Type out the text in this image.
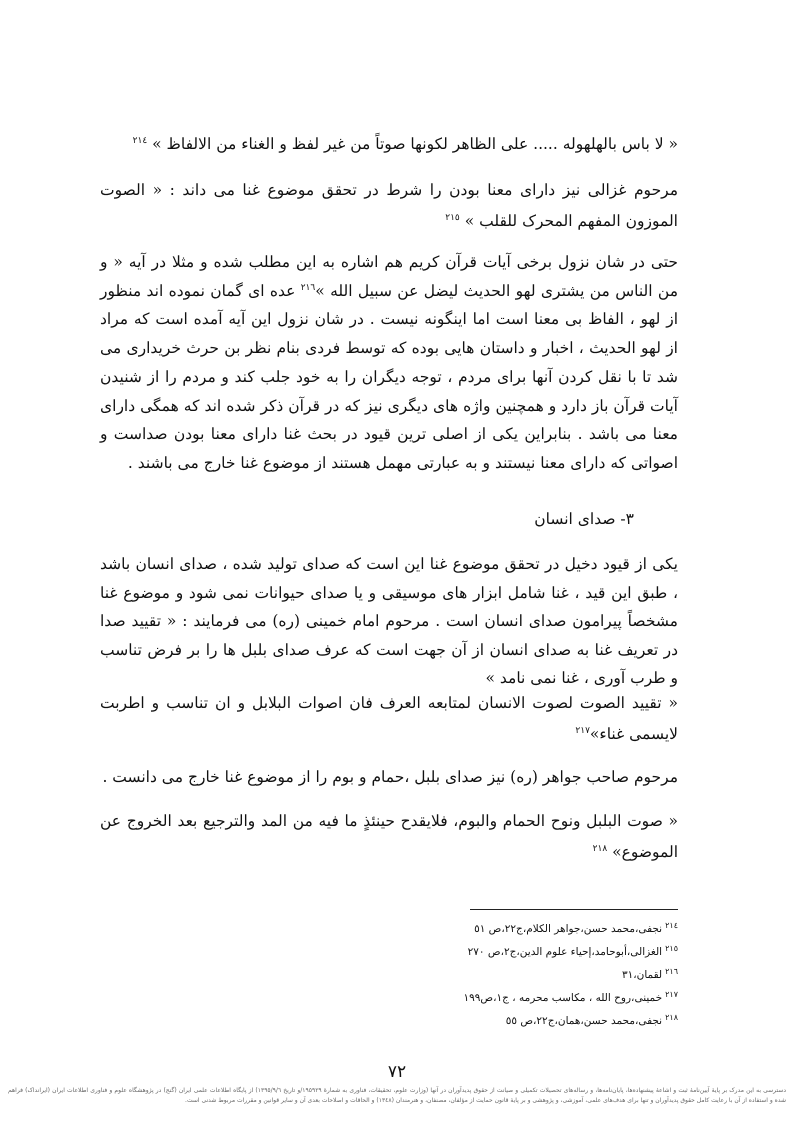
« لا باس بالهلهوله ..... علی الظاهر لکونها صوتاً من غیر لفظ و الغناء من الالفاظ » $^{٢١٤}$

مرحوم غزالی نیز دارای معنا بودن را شرط در تحقق موضوع غنا می داند : « الصوت الموزون المفهم المحرک للقلب » $^{٢١٥}$

حتی در شان نزول برخی آیات قرآن کریم هم اشاره به این مطلب شده و مثلا در آیه « و من الناس من یشتری لهو الحدیث لیضل عن سبیل الله »$^{٢١٦}$ عده ای گمان نموده اند منظور از لهو ، الفاظ بی معنا است اما اینگونه نیست . در شان نزول این آیه آمده است که مراد از لهو الحدیث ، اخبار و داستان هایی بوده که توسط فردی بنام نظر بن حرث خریداری می شد تا با نقل کردن آنها برای مردم ، توجه دیگران را به خود جلب کند و مردم را از شنیدن آیات قرآن باز دارد و همچنین واژه های دیگری نیز که در قرآن ذکر شده اند که همگی دارای معنا می باشد . بنابراین یکی از اصلی ترین قیود در بحث غنا دارای معنا بودن صداست و اصواتی که دارای معنا نیستند و به عبارتی مهمل هستند از موضوع غنا خارج می باشند .

٣- صدای انسان

یکی از قیود دخیل در تحقق موضوع غنا این است که صدای تولید شده ، صدای انسان باشد ، طبق این قید ، غنا شامل ابزار های موسیقی و یا صدای حیوانات نمی شود و موضوع غنا مشخصاً پیرامون صدای انسان است . مرحوم امام خمینی (ره) می فرمایند : « تقیید صدا در تعریف غنا به صدای انسان از آن جهت است که عرف صدای بلبل ها را بر فرض تناسب و طرب آوری ، غنا نمی نامد »

« تقیید الصوت لصوت الانسان لمتابعه العرف فان اصوات البلابل و ان تناسب و اطربت لایسمی غناء»$^{٢١٧}$

مرحوم صاحب جواهر (ره) نیز صدای بلبل ،حمام و بوم را از موضوع غنا خارج می دانست .

« صوت البلبل ونوح الحمام والبوم، فلایقدح حینئذٍ ما فیه من المد والترجیع بعد الخروج عن الموضوع» $^{٢١٨}$

$^{٢١٤}$نجفی،محمد حسن،جواهر الکلام،ج٢٢،ص ٥١
$^{٢١٥}$الغزالی،أبوحامد،إحیاء علوم الدین،ج٢،ص ٢٧٠
$^{٢١٦}$لقمان،٣١
$^{٢١٧}$خمینی،روح الله ، مکاسب محرمه ، ج١،ص١٩٩
$^{٢١٨}$نجفی،محمد حسن،همان،ج٢٢،ص ٥٥
٧٢
دسترسی به این مدرک بر پایهٔ آیین‌نامهٔ ثبت و اشاعهٔ پیشنهاده‌ها، پایان‌نامه‌ها، و رساله‌های تحصیلات تکمیلی و صیانت از حقوق پدیدآوران در آنها (وزارت علوم، تحقیقات، فناوری به شمارهٔ ١٩٥٩٢٩/و تاریخ ١٣٩٥/٩/٦) از پایگاه اطلاعات علمی ایران (گنج) در پژوهشگاه علوم و فناوری اطلاعات ایران (ایرانداک) فراهم شده و استفاده از آن با رعایت کامل حقوق پدیدآوران و تنها برای هدف‌های علمی، آموزشی، و پژوهشی و بر پایهٔ قانون حمایت از مؤلفان، مصنفان، و هنرمندان (١٣٤٨) و الحاقات و اصلاحات بعدی آن و سایر قوانین و مقررات مربوط شدنی است.
